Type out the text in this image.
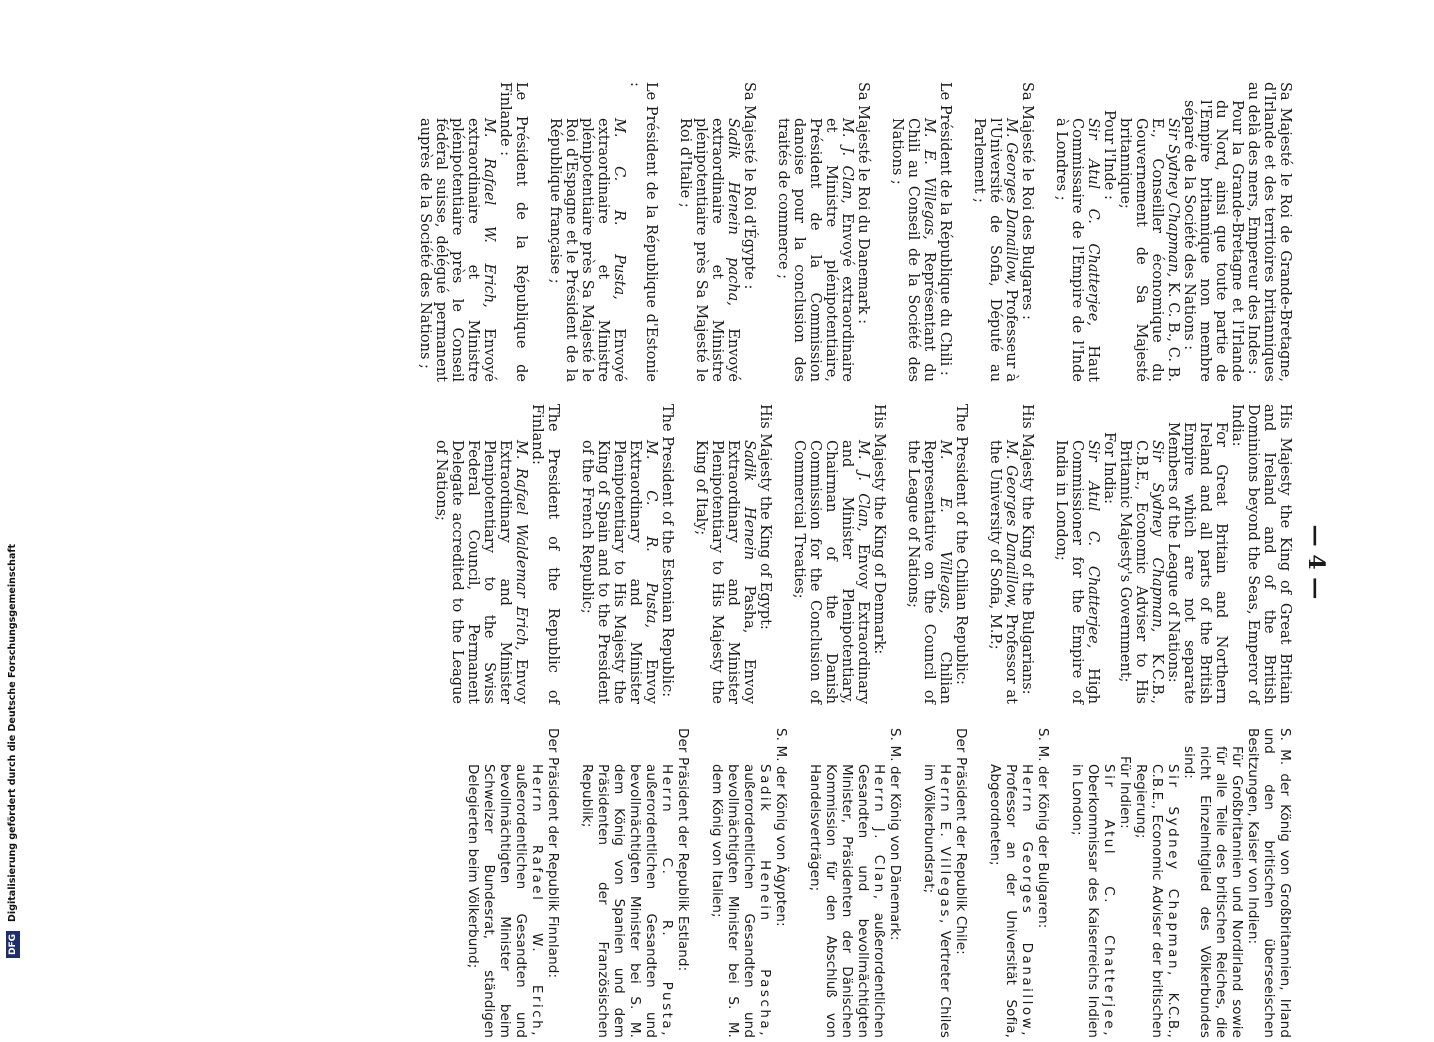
— 4 —
Sa Majesté le Roi de Grande-Bretagne, d'Irlande et des territoires britanniques au delà des mers, Empereur des Indes :
Pour la Grande-Bretagne et l'Irlande du Nord, ainsi que toute partie de l'Empire britannique non membre séparé de la Société des Nations :
Sir Sydney Chapman, K. C. B., C. B. E., Conseiller économique du Gouvernement de Sa Majesté britannique;
Pour l'Inde :
Sir Atul C. Chatterjee, Haut Commissaire de l'Empire de l'Inde à Londres ;
Sa Majesté le Roi des Bulgares :
M. Georges Danaillow, Professeur à l'Université de Sofia, Député au Parlement ;
Le Président de la République du Chili :
M. E. Villegas, Représentant du Chili au Conseil de la Société des Nations ;
Sa Majesté le Roi du Danemark :
M. J. Clan, Envoyé extraordinaire et Ministre plénipotentiaire, Président de la Commission danoise pour la conclusion des traités de commerce ;
Sa Majesté le Roi d'Égypte :
Sadik Henein pacha, Envoyé extraordinaire et Ministre plénipotentiaire près Sa Majesté le Roi d'Italie ;
Le Président de la République d'Estonie :
M. C. R. Pusta, Envoyé extraordinaire et Ministre plénipotentiaire près Sa Majesté le Roi d'Espagne et le Président de la République française ;
Le Président de la République de Finlande :
M. Rafael W. Erich, Envoyé extraordinaire et Ministre plénipotentiaire près le Conseil fédéral suisse, délégué permanent auprès de la Société des Nations ;
His Majesty the King of Great Britain and Ireland and of the British Dominions beyond the Seas, Emperor of India:
For Great Britain and Northern Ireland and all parts of the British Empire which are not separate Members of the League of Nations:
Sir Sydney Chapman, K.C.B., C.B.E., Economic Adviser to His Britannic Majesty's Government;
For India:
Sir Atul C. Chatterjee, High Commissioner for the Empire of India in London;
His Majesty the King of the Bulgarians:
M. Georges Danaillow, Professor at the University of Sofia, M.P.;
The President of the Chilian Republic:
M. E. Villegas, Chilian Representative on the Council of the League of Nations;
His Majesty the King of Denmark:
M. J. Clan, Envoy Extraordinary and Minister Plenipotentiary, Chairman of the Danish Commission for the Conclusion of Commercial Treaties;
His Majesty the King of Egypt:
Sadik Henein Pasha, Envoy Extraordinary and Minister Plenipotentiary to His Majesty the King of Italy;
The President of the Estonian Republic:
M. C. R. Pusta, Envoy Extraordinary and Minister Plenipotentiary to His Majesty the King of Spain and to the President of the French Republic;
The President of the Republic of Finland:
M. Rafael Waldemar Erich, Envoy Extraordinary and Minister Plenipotentiary to the Swiss Federal Council, Permanent Delegate accredited to the League of Nations;
S. M. der König von Großbritannien, Irland und den britischen überseeischen Besitzungen, Kaiser von Indien:
Für Großbritannien und Nordirland sowie für alle Teile des britischen Reiches, die nicht Einzelmitglied des Völkerbundes sind:
Sir Sydney Chapman, K.C.B., C.B.E., Economic Adviser der britischen Regierung;
Für Indien:
Sir Atul C. Chatterjee, Oberkommissar des Kaiserreichs Indien in London;
S. M. der König der Bulgaren:
Herrn Georges Danaillow, Professor an der Universität Sofia, Abgeordneten;
Der Präsident der Republik Chile:
Herrn E. Villegas, Vertreter Chiles im Völkerbundsrat;
S. M. der König von Dänemark:
Herrn J. Clan, außerordentlichen Gesandten und bevollmächtigten Minister, Präsidenten der Dänischen Kommission für den Abschluß von Handelsverträgen;
S. M. der König von Ägypten:
Sadik Henein Pascha, außerordentlichen Gesandten und bevollmächtigten Minister bei S. M. dem König von Italien;
Der Präsident der Republik Estland:
Herrn C. R. Pusta, außerordentlichen Gesandten und bevollmächtigten Minister bei S. M. dem König von Spanien und dem Präsidenten der Französischen Republik;
Der Präsident der Republik Finnland:
Herrn Rafael W. Erich, außerordentlichen Gesandten und bevollmächtigten Minister beim Schweizer Bundesrat, ständigen Delegierten beim Völkerbund;
DFG Digitalisierung gefördert durch die Deutsche Forschungsgemeinschaft
